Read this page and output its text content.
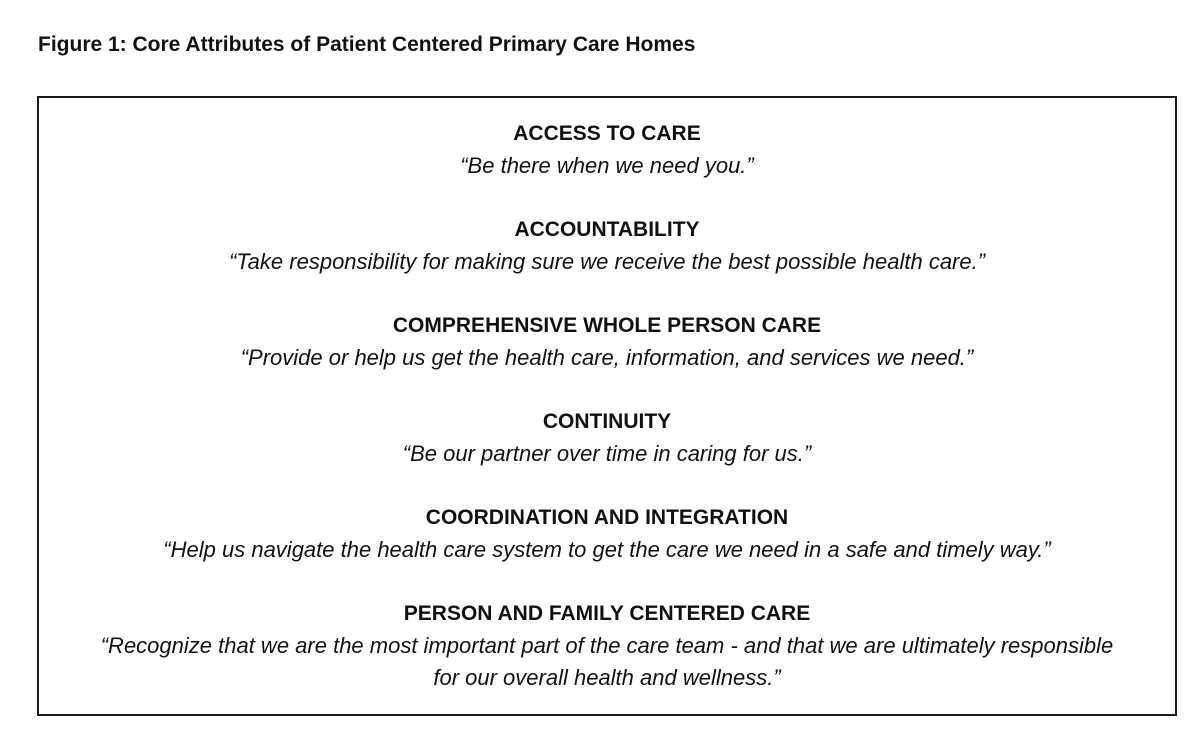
Figure 1: Core Attributes of Patient Centered Primary Care Homes
ACCESS TO CARE
“Be there when we need you.”
ACCOUNTABILITY
“Take responsibility for making sure we receive the best possible health care.”
COMPREHENSIVE WHOLE PERSON CARE
“Provide or help us get the health care, information, and services we need.”
CONTINUITY
“Be our partner over time in caring for us.”
COORDINATION AND INTEGRATION
“Help us navigate the health care system to get the care we need in a safe and timely way.”
PERSON AND FAMILY CENTERED CARE
“Recognize that we are the most important part of the care team - and that we are ultimately responsible for our overall health and wellness.”
